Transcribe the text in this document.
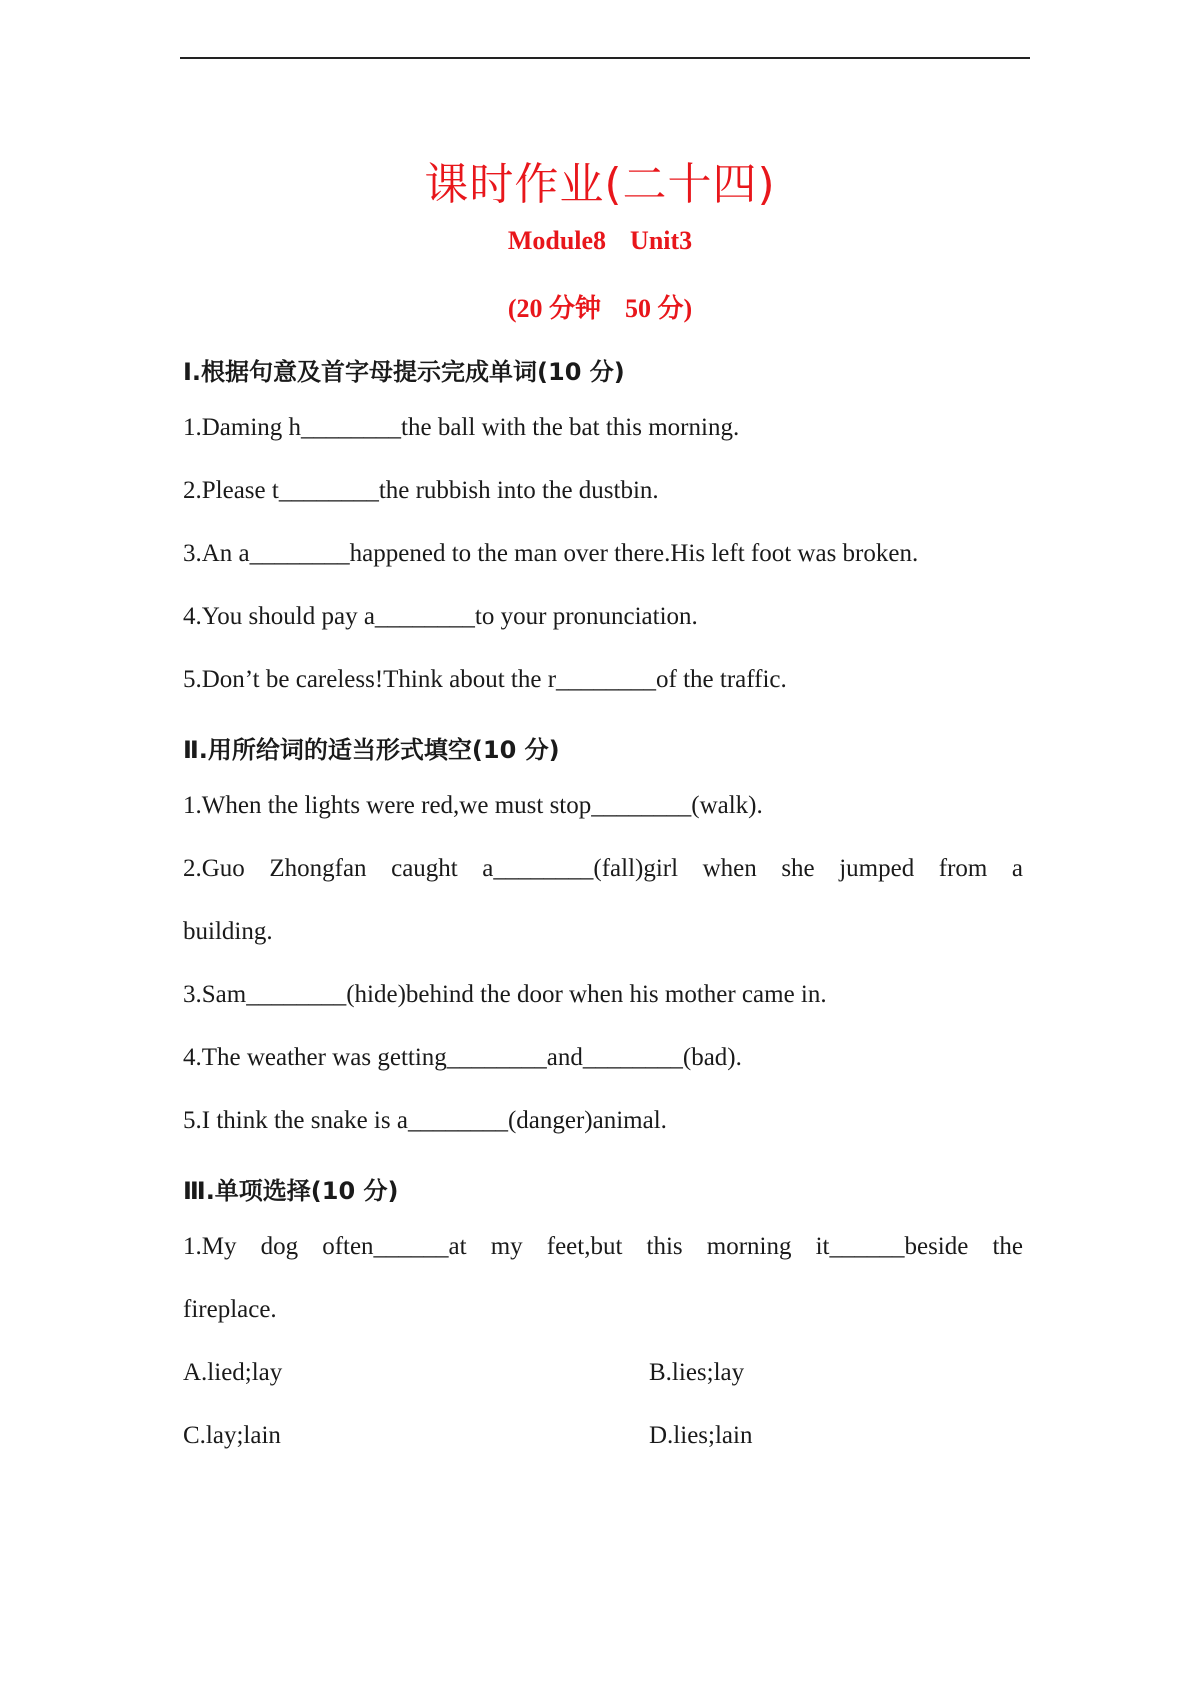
课时作业(二十四)
Module8 Unit3
(20 分钟 50 分)
Ⅰ.根据句意及首字母提示完成单词(10 分)
1.Daming h________the ball with the bat this morning.
2.Please t________the rubbish into the dustbin.
3.An a________happened to the man over there.His left foot was broken.
4.You should pay a________to your pronunciation.
5.Don’t be careless!Think about the r________of the traffic.
Ⅱ.用所给词的适当形式填空(10 分)
1.When the lights were red,we must stop________(walk).
2.Guo Zhongfan caught a________(fall)girl when she jumped from a
building.
3.Sam________(hide)behind the door when his mother came in.
4.The weather was getting________and________(bad).
5.I think the snake is a________(danger)animal.
Ⅲ.单项选择(10 分)
1.My dog often______at my feet,but this morning it______beside the
fireplace.
A.lied;lay	B.lies;lay
C.lay;lain	D.lies;lain
